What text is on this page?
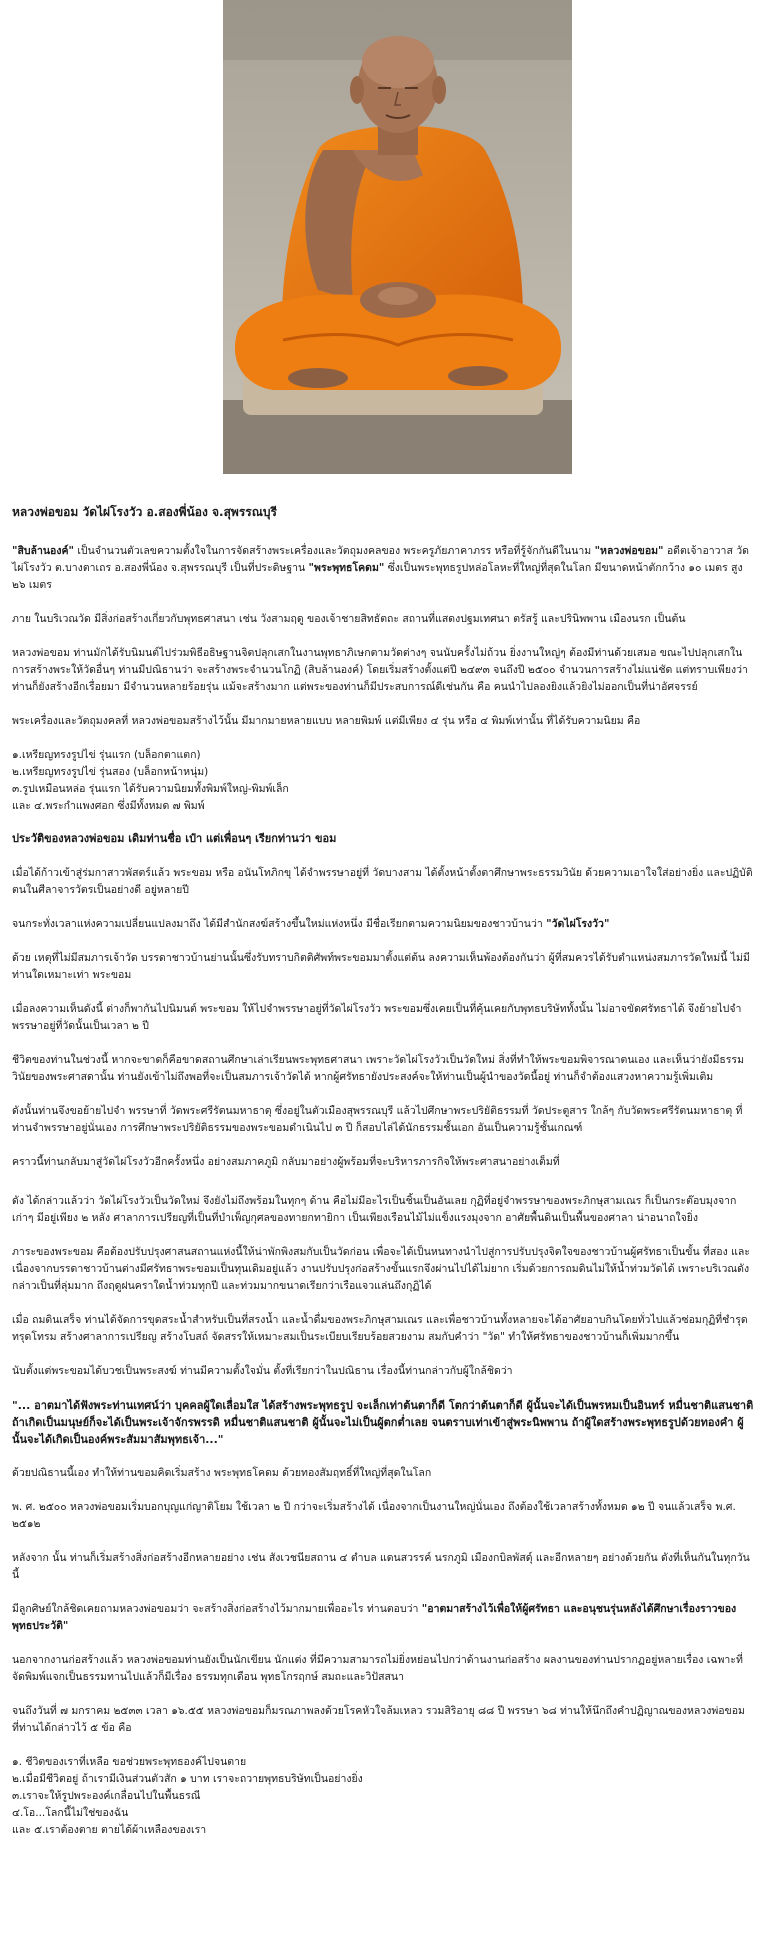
หลวงพ่อขอม วัดไผ่โรงวัว อ.สองพี่น้อง จ.สุพรรณบุรี

"สิบล้านองค์" เป็นจำนวนตัวเลขความตั้งใจในการจัดสร้างพระเครื่องและวัตถุมงคลของ พระครูภัยภาคาภรร หรือที่รู้จักกันดีในนาม "หลวงพ่อขอม" อดีตเจ้าอาวาส วัดไผ่โรงวัว ต.บางตาเถร อ.สองพี่น้อง จ.สุพรรณบุรี เป็นที่ประดิษฐาน "พระพุทธโคดม" ซึ่งเป็นพระพุทธรูปหล่อโลหะที่ใหญ่ที่สุดในโลก มีขนาดหน้าตักกว้าง ๑๐ เมตร สูง ๒๖ เมตร

ภาย ในบริเวณวัด มีสิ่งก่อสร้างเกี่ยวกับพุทธศาสนา เช่น วังสามฤดู ของเจ้าชายสิทธัตถะ สถานที่แสดงปฐมเทศนา ตรัสรู้ และปรินิพพาน เมืองนรก เป็นต้น

หลวงพ่อขอม ท่านมักได้รับนิมนต์ไปร่วมพิธีอธิษฐานจิตปลุกเสกในงานพุทธาภิเษกตามวัดต่างๆ จนนับครั้งไม่ถ้วน ยิ่งงานใหญ่ๆ ต้องมีท่านด้วยเสมอ ขณะไปปลุกเสกในการสร้างพระให้วัดอื่นๆ ท่านมีปณิธานว่า จะสร้างพระจำนวนโกฏิ (สิบล้านองค์) โดยเริ่มสร้างตั้งแต่ปี ๒๔๙๓ จนถึงปี ๒๕๐๐ จำนวนการสร้างไม่แน่ชัด แต่ทราบเพียงว่า ท่านก็ยังสร้างอีกเรื่อยมา มีจำนวนหลายร้อยรุ่น แม้จะสร้างมาก แต่พระของท่านก็มีประสบการณ์ดีเช่นกัน คือ คนนำไปลองยิงแล้วยิงไม่ออกเป็นที่น่าอัศจรรย์

พระเครื่องและวัตถุมงคลที่ หลวงพ่อขอมสร้างไว้นั้น มีมากมายหลายแบบ หลายพิมพ์ แต่มีเพียง ๔ รุ่น หรือ ๔ พิมพ์เท่านั้น ที่ได้รับความนิยม คือ

๑.เหรียญทรงรูปไข่ รุ่นแรก (บล็อกตาแตก)
๒.เหรียญทรงรูปไข่ รุ่นสอง (บล็อกหน้าหนุ่ม)
๓.รูปเหมือนหล่อ รุ่นแรก ได้รับความนิยมทั้งพิมพ์ใหญ่-พิมพ์เล็ก
และ ๔.พระกำแพงศอก ซึ่งมีทั้งหมด ๗ พิมพ์
ประวัติของหลวงพ่อขอม เดิมท่านชื่อ เป๋า แต่เพื่อนๆ เรียกท่านว่า ขอม

เมื่อได้ก้าวเข้าสู่ร่มกาสาวพัสตร์แล้ว พระขอม หรือ อนันโทภิกขุ ได้จำพรรษาอยู่ที่ วัดบางสาม ได้ตั้งหน้าตั้งตาศึกษาพระธรรมวินัย ด้วยความเอาใจใส่อย่างยิ่ง และปฏิบัติตนในศีลาจารวัตรเป็นอย่างดี อยู่หลายปี

จนกระทั่งเวลาแห่งความเปลี่ยนแปลงมาถึง ได้มีสำนักสงฆ์สร้างขึ้นใหม่แห่งหนึ่ง มีชื่อเรียกตามความนิยมของชาวบ้านว่า "วัดไผ่โรงวัว"

ด้วย เหตุที่ไม่มีสมภารเจ้าวัด บรรดาชาวบ้านย่านนั้นซึ่งรับทราบกิตติศัพท์พระขอมมาตั้งแต่ต้น ลงความเห็นพ้องต้องกันว่า ผู้ที่สมควรได้รับตำแหน่งสมภารวัดใหม่นี้ ไม่มีท่านใดเหมาะเท่า พระขอม

เมื่อลงความเห็นดังนี้ ต่างก็พากันไปนิมนต์ พระขอม ให้ไปจำพรรษาอยู่ที่วัดไผ่โรงวัว พระขอมซึ่งเคยเป็นที่คุ้นเคยกับพุทธบริษัททั้งนั้น ไม่อาจขัดศรัทธาได้ จึงย้ายไปจำพรรษาอยู่ที่วัดนั้นเป็นเวลา ๒ ปี

ชีวิตของท่านในช่วงนี้ หากจะขาดก็คือขาดสถานศึกษาเล่าเรียนพระพุทธศาสนา เพราะวัดไผ่โรงวัวเป็นวัดใหม่ สิ่งที่ทำให้พระขอมพิจารณาตนเอง และเห็นว่ายังมีธรรมวินัยของพระศาสดานั้น ท่านยังเข้าไม่ถึงพอที่จะเป็นสมภารเจ้าวัดได้ หากผู้ศรัทธายังประสงค์จะให้ท่านเป็นผู้นำของวัดนี้อยู่ ท่านก็จำต้องแสวงหาความรู้เพิ่มเติม

ดังนั้นท่านจึงขอย้ายไปจำ พรรษาที่ วัดพระศรีรัตนมหาธาตุ ซึ่งอยู่ในตัวเมืองสุพรรณบุรี แล้วไปศึกษาพระปริยัติธรรมที่ วัดประตูสาร ใกล้ๆ กับวัดพระศรีรัตนมหาธาตุ ที่ท่านจำพรรษาอยู่นั่นเอง การศึกษาพระปริยัติธรรมของพระขอมดำเนินไป ๓ ปี ก็สอบไล่ได้นักธรรมชั้นเอก อันเป็นความรู้ชั้นเกณฑ์

คราวนี้ท่านกลับมาสู่วัดไผ่โรงวัวอีกครั้งหนึ่ง อย่างสมภาคภูมิ กลับมาอย่างผู้พร้อมที่จะบริหารภารกิจให้พระศาสนาอย่างเต็มที่

ดัง ได้กล่าวแล้วว่า วัดไผ่โรงวัวเป็นวัดใหม่ จึงยังไม่ถึงพร้อมในทุกๆ ด้าน คือไม่มีอะไรเป็นชิ้นเป็นอันเลย กุฏิที่อยู่จำพรรษาของพระภิกษุสามเณร ก็เป็นกระต๊อบมุงจากเก่าๆ มีอยู่เพียง ๒ หลัง ศาลาการเปรียญที่เป็นที่บำเพ็ญกุศลของทายกทายิกา เป็นเพียงเรือนไม้ไม่แข็งแรงมุงจาก อาศัยพื้นดินเป็นพื้นของศาลา น่าอนาถใจยิ่ง

ภาระของพระขอม คือต้องปรับปรุงศาสนสถานแห่งนี้ให้น่าพักพิงสมกับเป็นวัดก่อน เพื่อจะได้เป็นหนทางนำไปสู่การปรับปรุงจิตใจของชาวบ้านผู้ศรัทธาเป็นขั้น ที่สอง และเนื่องจากบรรดาชาวบ้านต่างมีศรัทธาพระขอมเป็นทุนเดิมอยู่แล้ว งานปรับปรุงก่อสร้างขั้นแรกจึงผ่านไปได้ไม่ยาก เริ่มด้วยการถมดินไม่ให้น้ำท่วมวัดได้ เพราะบริเวณดังกล่าวเป็นที่ลุ่มมาก ถึงฤดูฝนคราใดน้ำท่วมทุกปี และท่วมมากขนาดเรียกว่าเรือแจวแล่นถึงกุฏิได้

เมื่อ ถมดินเสร็จ ท่านได้จัดการขุดสระน้ำสำหรับเป็นที่สรงน้ำ และน้ำดื่มของพระภิกษุสามเณร และเพื่อชาวบ้านทั้งหลายจะได้อาศัยอาบกินโดยทั่วไปแล้วซ่อมกุฏิที่ชำรุดทรุดโทรม สร้างศาลาการเปรียญ สร้างโบสถ์ จัดสรรให้เหมาะสมเป็นระเบียบเรียบร้อยสวยงาม สมกับคำว่า "วัด" ทำให้ศรัทธาของชาวบ้านก็เพิ่มมากขึ้น

นับตั้งแต่พระขอมได้บวชเป็นพระสงฆ์ ท่านมีความตั้งใจมั่น ตั้งที่เรียกว่าในปณิธาน เรื่องนี้ท่านกล่าวกับผู้ใกล้ชิดว่า

"... อาตมาได้ฟังพระท่านเทศน์ว่า บุคคลผู้ใดเลื่อมใส ได้สร้างพระพุทธรูป จะเล็กเท่าต้นตาก็ดี โตกว่าต้นตาก็ดี ผู้นั้นจะได้เป็นพรหมเป็นอินทร์ หมื่นชาติแสนชาติ ถ้าเกิดเป็นมนุษย์ก็จะได้เป็นพระเจ้าจักรพรรดิ หมื่นชาติแสนชาติ ผู้นั้นจะไม่เป็นผู้ตกต่ำเลย จนตราบเท่าเข้าสู่พระนิพพาน ถ้าผู้ใดสร้างพระพุทธรูปด้วยทองคำ ผู้นั้นจะได้เกิดเป็นองค์พระสัมมาสัมพุทธเจ้า..."

ด้วยปณิธานนี้เอง ทำให้ท่านขอมคิดเริ่มสร้าง พระพุทธโคดม ด้วยทองสัมฤทธิ์ที่ใหญ่ที่สุดในโลก

พ. ศ. ๒๕๐๐ หลวงพ่อขอมเริ่มบอกบุญแก่ญาติโยม ใช้เวลา ๒ ปี กว่าจะเริ่มสร้างได้ เนื่องจากเป็นงานใหญ่นั่นเอง ถึงต้องใช้เวลาสร้างทั้งหมด ๑๒ ปี จนแล้วเสร็จ พ.ศ. ๒๕๑๒

หลังจาก นั้น ท่านก็เริ่มสร้างสิ่งก่อสร้างอีกหลายอย่าง เช่น สังเวชนียสถาน ๔ ตำบล แดนสวรรค์ นรกภูมิ เมืองกบิลพัสดุ์ และอีกหลายๆ อย่างด้วยกัน ดังที่เห็นกันในทุกวันนี้

มีลูกศิษย์ใกล้ชิดเคยถามหลวงพ่อขอมว่า จะสร้างสิ่งก่อสร้างไว้มากมายเพื่ออะไร ท่านตอบว่า "อาตมาสร้างไว้เพื่อให้ผู้ศรัทธา และอนุชนรุ่นหลังได้ศึกษาเรื่องราวของพุทธประวัติ"

นอกจากงานก่อสร้างแล้ว หลวงพ่อขอมท่านยังเป็นนักเขียน นักแต่ง ที่มีความสามารถไม่ยิ่งหย่อนไปกว่าด้านงานก่อสร้าง ผลงานของท่านปรากฏอยู่หลายเรื่อง เฉพาะที่จัดพิมพ์แจกเป็นธรรมทานไปแล้วก็มีเรื่อง ธรรมทุกเดือน พุทธโกรฤกษ์ สมถะและวิปัสสนา

จนถึงวันที่ ๗ มกราคม ๒๕๓๓ เวลา ๑๖.๕๕ หลวงพ่อขอมก็มรณภาพลงด้วยโรคหัวใจล้มเหลว รวมสิริอายุ ๘๘ ปี พรรษา ๖๘ ท่านให้นึกถึงคำปฏิญาณของหลวงพ่อขอม ที่ท่านได้กล่าวไว้ ๕ ข้อ คือ

๑. ชีวิตของเราที่เหลือ ขอช่วยพระพุทธองค์ไปจนตาย
๒.เมื่อมีชีวิตอยู่ ถ้าเรามีเงินส่วนตัวสัก ๑ บาท เราจะถวายพุทธบริษัทเป็นอย่างยิ่ง
๓.เราจะให้รูปพระองค์เกลื่อนไปในพื้นธรณี
๔.โอ...โลกนี้ไม่ใช่ของฉัน
และ ๕.เราต้องตาย ตายได้ผ้าเหลืองของเรา
